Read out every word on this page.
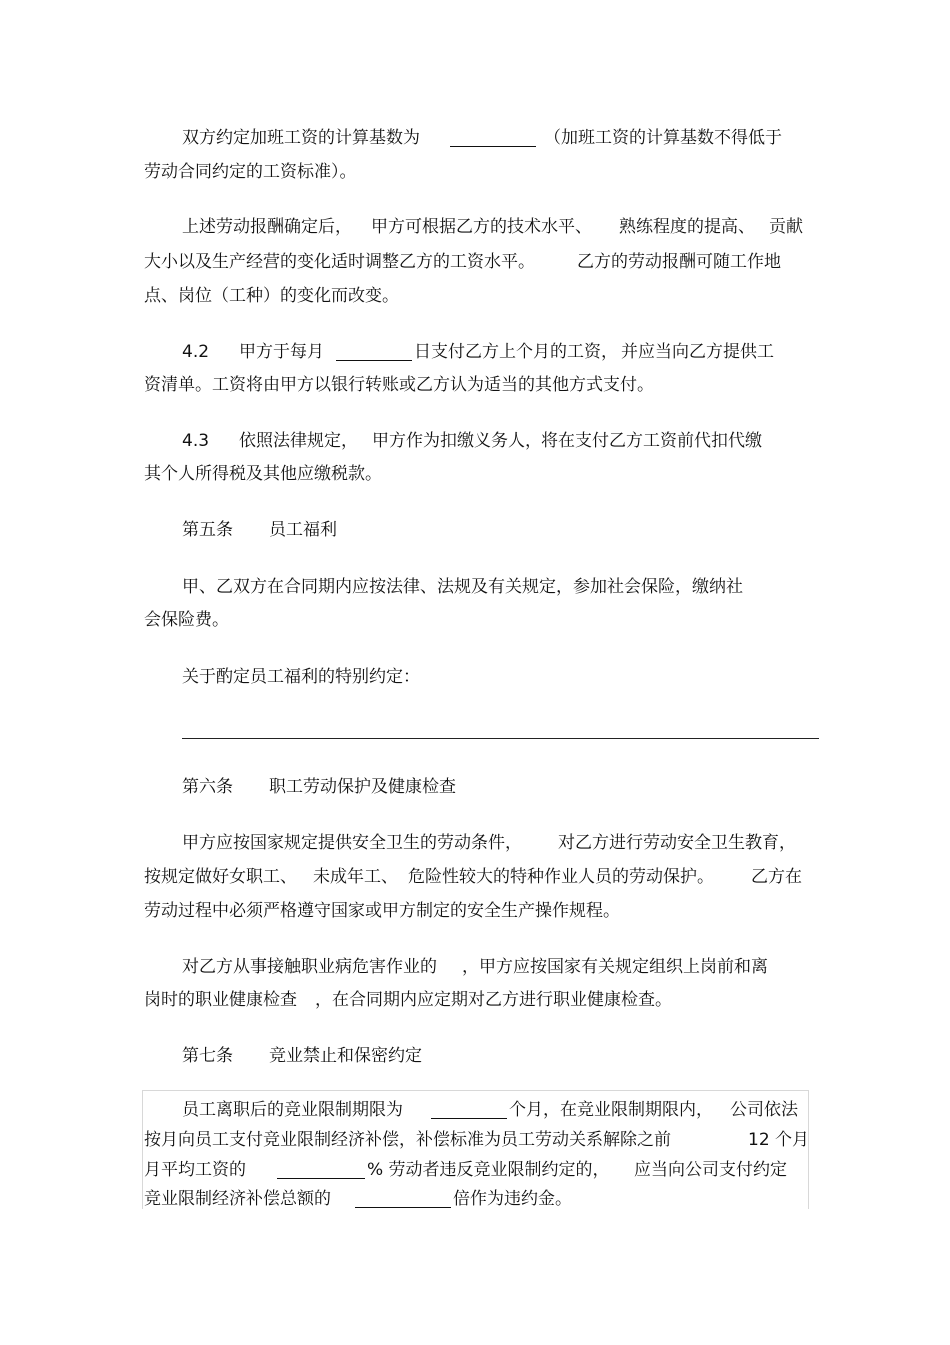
双方约定加班工资的计算基数为	（加班工资的计算基数不得低于
劳动合同约定的工资标准）。
上述劳动报酬确定后， 甲方可根据乙方的技术水平、 熟练程度的提高、 贡献
大小以及生产经营的变化适时调整乙方的工资水平。 乙方的劳动报酬可随工作地
点、岗位（工种）的变化而改变。
4.2 甲方于每月	日支付乙方上个月的工资， 并应当向乙方提供工
资清单。工资将由甲方以银行转账或乙方认为适当的其他方式支付。
4.3 依照法律规定， 甲方作为扣缴义务人， 将在支付乙方工资前代扣代缴
其个人所得税及其他应缴税款。
第五条 员工福利
甲、乙双方在合同期内应按法律、法规及有关规定，参加社会保险，缴纳社
会保险费。
关于酌定员工福利的特别约定：
第六条 职工劳动保护及健康检查
甲方应按国家规定提供安全卫生的劳动条件， 对乙方进行劳动安全卫生教育，
按规定做好女职工、 未成年工、 危险性较大的特种作业人员的劳动保护。 乙方在
劳动过程中必须严格遵守国家或甲方制定的安全生产操作规程。
对乙方从事接触职业病危害作业的 ，甲方应按国家有关规定组织上岗前和离
岗时的职业健康检查 ，在合同期内应定期对乙方进行职业健康检查。
第七条 竞业禁止和保密约定
员工离职后的竞业限制期限为	个月，在竞业限制期限内， 公司依法
按月向员工支付竞业限制经济补偿，补偿标准为员工劳动关系解除之前	12 个月
月平均工资的	% 劳动者违反竞业限制约定的， 应当向公司支付约定
竞业限制经济补偿总额的	倍作为违约金。
